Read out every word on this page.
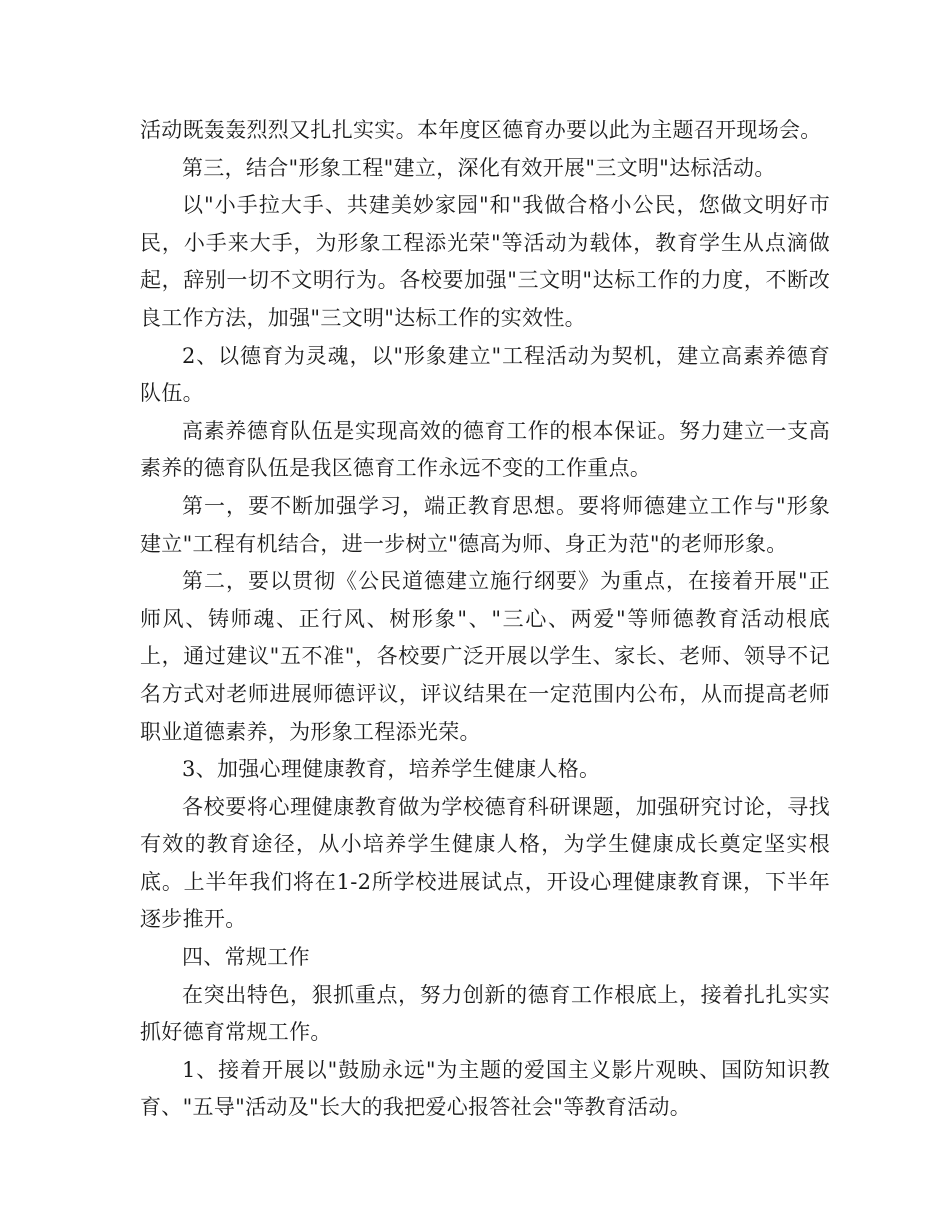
活动既轰轰烈烈又扎扎实实。本年度区德育办要以此为主题召开现场会。

第三，结合"形象工程"建立，深化有效开展"三文明"达标活动。

以"小手拉大手、共建美妙家园"和"我做合格小公民，您做文明好市民，小手来大手，为形象工程添光荣"等活动为载体，教育学生从点滴做起，辞别一切不文明行为。各校要加强"三文明"达标工作的力度，不断改良工作方法，加强"三文明"达标工作的实效性。

2、以德育为灵魂，以"形象建立"工程活动为契机，建立高素养德育队伍。

高素养德育队伍是实现高效的德育工作的根本保证。努力建立一支高素养的德育队伍是我区德育工作永远不变的工作重点。

第一，要不断加强学习，端正教育思想。要将师德建立工作与"形象建立"工程有机结合，进一步树立"德高为师、身正为范"的老师形象。

第二，要以贯彻《公民道德建立施行纲要》为重点，在接着开展"正师风、铸师魂、正行风、树形象"、"三心、两爱"等师德教育活动根底上，通过建议"五不准"，各校要广泛开展以学生、家长、老师、领导不记名方式对老师进展师德评议，评议结果在一定范围内公布，从而提高老师职业道德素养，为形象工程添光荣。

3、加强心理健康教育，培养学生健康人格。

各校要将心理健康教育做为学校德育科研课题，加强研究讨论，寻找有效的教育途径，从小培养学生健康人格，为学生健康成长奠定坚实根底。上半年我们将在1-2所学校进展试点，开设心理健康教育课，下半年逐步推开。

四、常规工作

在突出特色，狠抓重点，努力创新的德育工作根底上，接着扎扎实实抓好德育常规工作。

1、接着开展以"鼓励永远"为主题的爱国主义影片观映、国防知识教育、"五导"活动及"长大的我把爱心报答社会"等教育活动。
